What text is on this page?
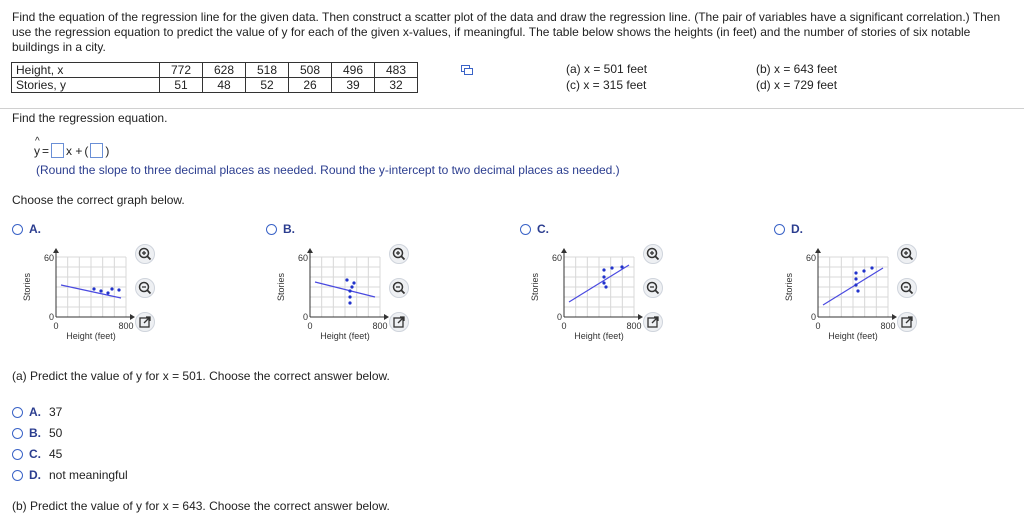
Find the equation of the regression line for the given data. Then construct a scatter plot of the data and draw the regression line. (The pair of variables have a significant correlation.) Then use the regression equation to predict the value of y for each of the given x-values, if meaningful. The table below shows the heights (in feet) and the number of stories of six notable buildings in a city.
Height, x	772	628	518	508	496	483
Stories, y	51	48	52	26	39	32
(a) x = 501 feet
(c) x = 315 feet
(b) x = 643 feet
(d) x = 729 feet
Find the regression equation.
^
y = x + ( )
(Round the slope to three decimal places as needed. Round the y-intercept to two decimal places as needed.)
Choose the correct graph below.
A.
60
0
0	800
Height (feet)
Stories
B.
60
0
0	800
Height (feet)
Stories
C.
60
0
0	800
Height (feet)
Stories
D.
60
0
0	800
Height (feet)
Stories
(a) Predict the value of y for x = 501. Choose the correct answer below.
A. 37
B. 50
C. 45
D. not meaningful
(b) Predict the value of y for x = 643. Choose the correct answer below.
